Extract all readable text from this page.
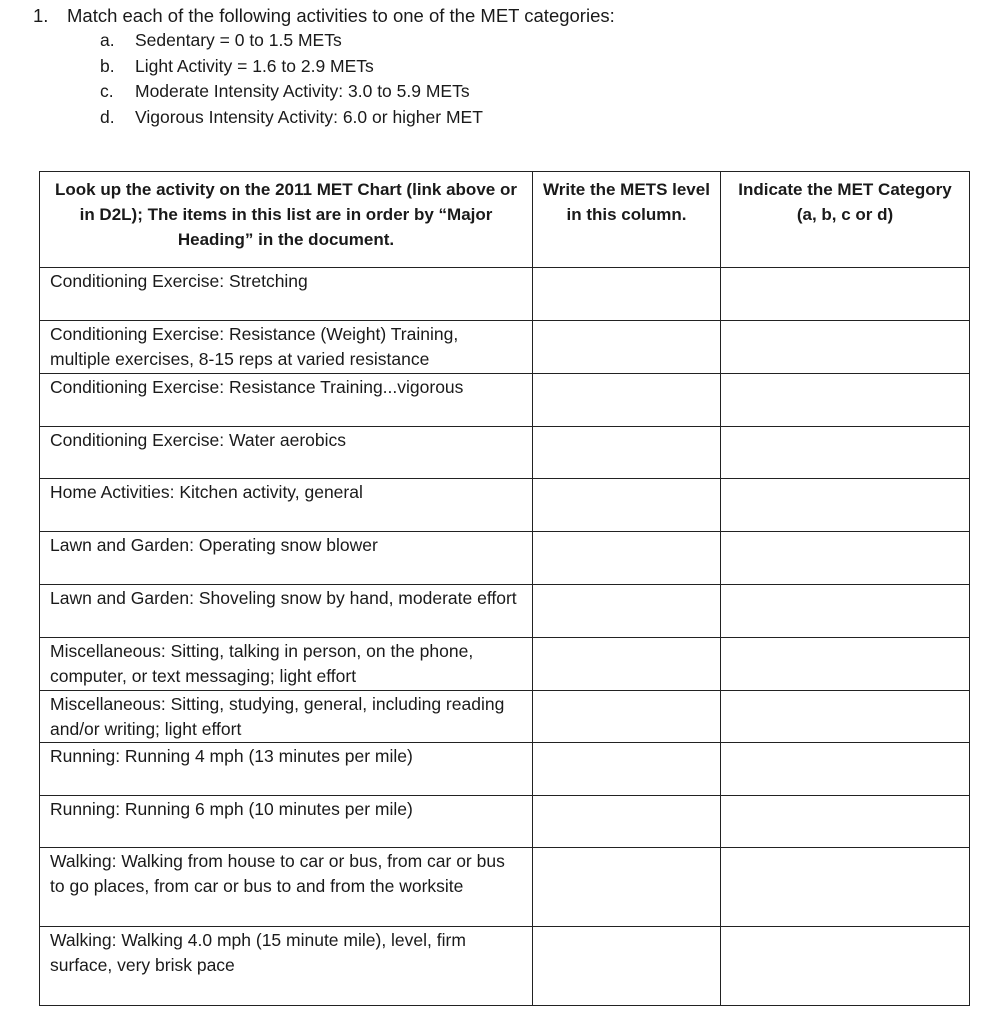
1. Match each of the following activities to one of the MET categories:
a.	Sedentary = 0 to 1.5 METs
b.	Light Activity = 1.6 to 2.9 METs
c.	Moderate Intensity Activity: 3.0 to 5.9 METs
d.	Vigorous Intensity Activity: 6.0 or higher MET
Look up the activity on the 2011 MET Chart (link above or in D2L); The items in this list are in order by “Major Heading” in the document.	Write the METS level in this column.	Indicate the MET Category (a, b, c or d)

Conditioning Exercise: Stretching		

Conditioning Exercise: Resistance (Weight) Training, multiple exercises, 8-15 reps at varied resistance		

Conditioning Exercise: Resistance Training...vigorous		

Conditioning Exercise: Water aerobics		

Home Activities: Kitchen activity, general		

Lawn and Garden: Operating snow blower		

Lawn and Garden: Shoveling snow by hand, moderate effort		

Miscellaneous: Sitting, talking in person, on the phone, computer, or text messaging; light effort		

Miscellaneous: Sitting, studying, general, including reading and/or writing; light effort		

Running: Running 4 mph (13 minutes per mile)		

Running: Running 6 mph (10 minutes per mile)		

Walking: Walking from house to car or bus, from car or bus to go places, from car or bus to and from the worksite		

Walking: Walking 4.0 mph (15 minute mile), level, firm surface, very brisk pace		
